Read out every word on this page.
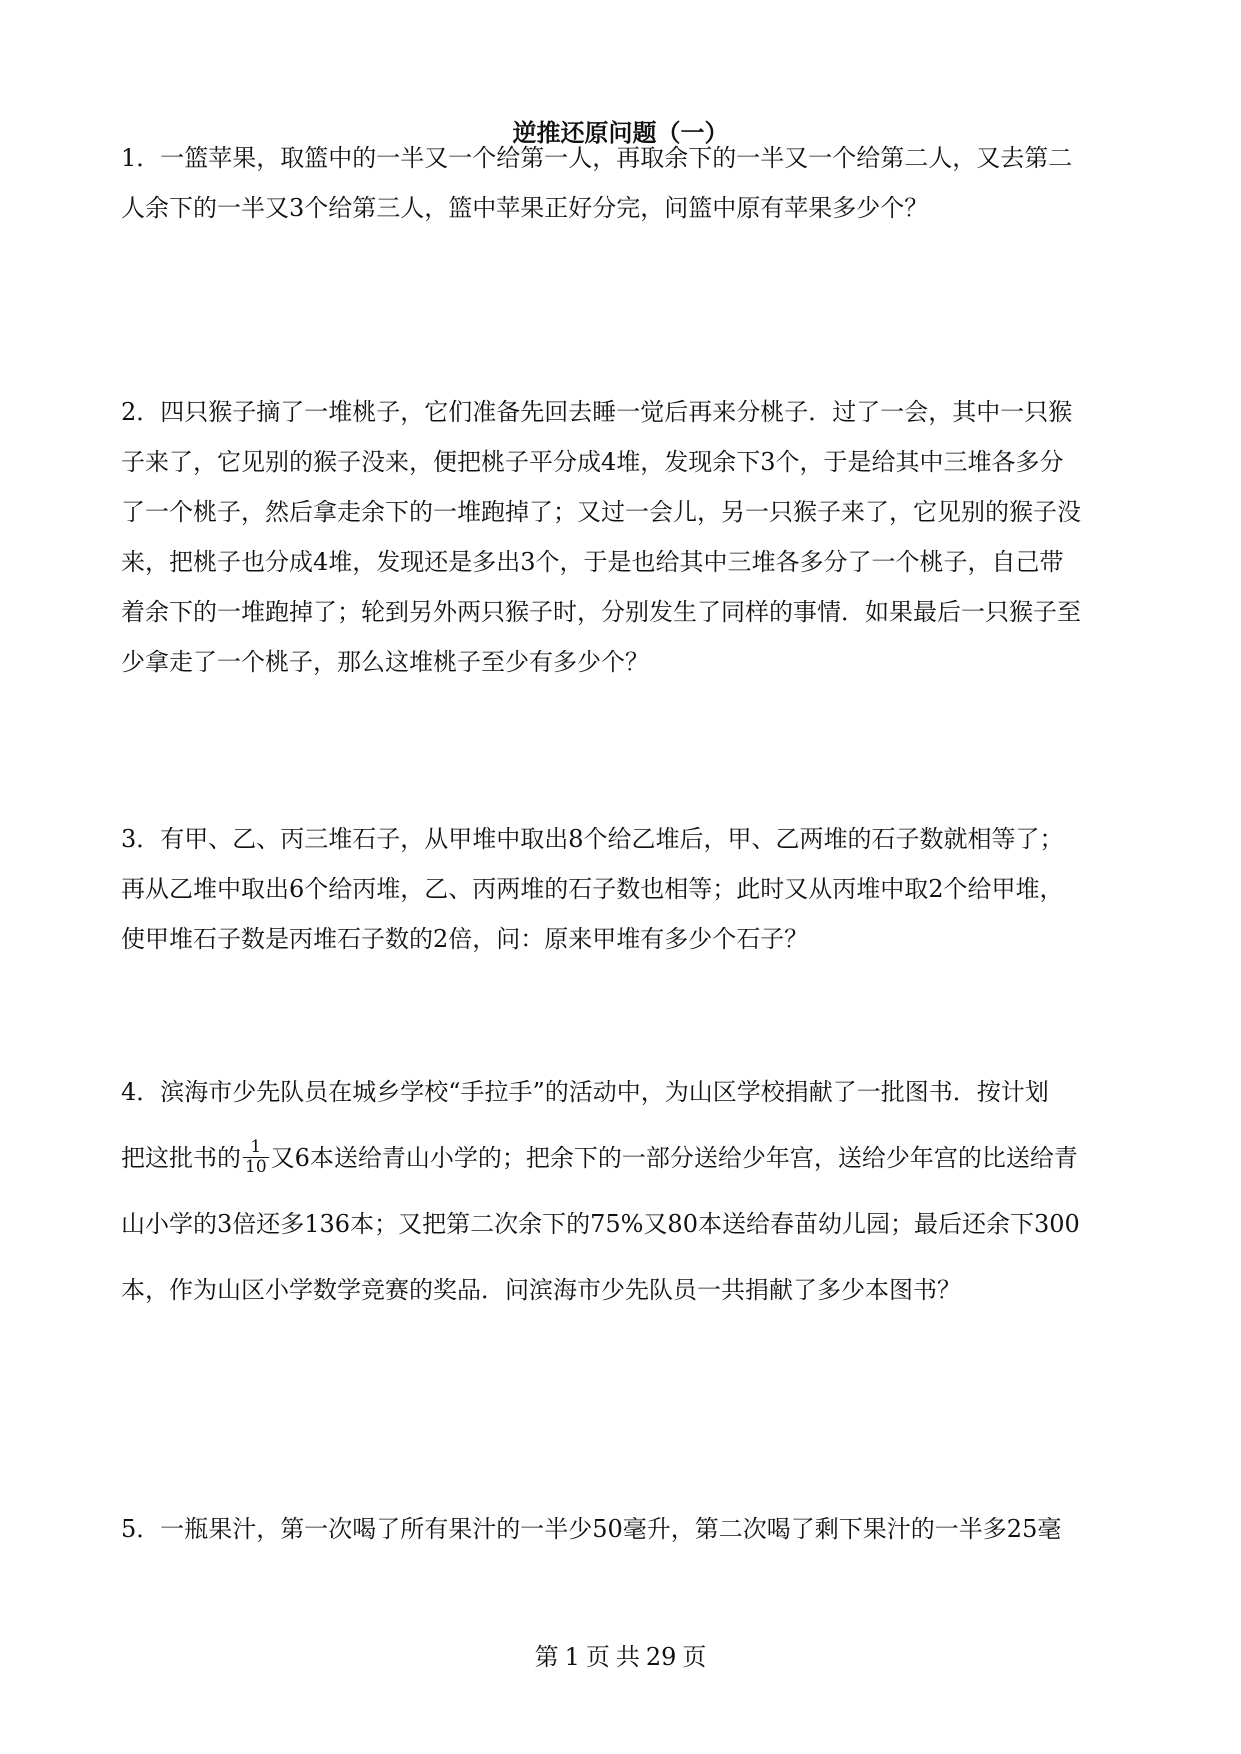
逆推还原问题（一）
1．一篮苹果，取篮中的一半又一个给第一人，再取余下的一半又一个给第二人，又去第二
人余下的一半又3个给第三人，篮中苹果正好分完，问篮中原有苹果多少个？
2．四只猴子摘了一堆桃子，它们准备先回去睡一觉后再来分桃子．过了一会，其中一只猴
子来了，它见别的猴子没来，便把桃子平分成4堆，发现余下3个，于是给其中三堆各多分
了一个桃子，然后拿走余下的一堆跑掉了；又过一会儿，另一只猴子来了，它见别的猴子没
来，把桃子也分成4堆，发现还是多出3个，于是也给其中三堆各多分了一个桃子，自己带
着余下的一堆跑掉了；轮到另外两只猴子时，分别发生了同样的事情．如果最后一只猴子至
少拿走了一个桃子，那么这堆桃子至少有多少个？
3．有甲、乙、丙三堆石子，从甲堆中取出8个给乙堆后，甲、乙两堆的石子数就相等了；
再从乙堆中取出6个给丙堆，乙、丙两堆的石子数也相等；此时又从丙堆中取2个给甲堆，
使甲堆石子数是丙堆石子数的2倍，问：原来甲堆有多少个石子？
4．滨海市少先队员在城乡学校“手拉手”的活动中，为山区学校捐献了一批图书．按计划
把这批书的 $\frac{1}{10}$ 又6本送给青山小学的；把余下的一部分送给少年宫，送给少年宫的比送给青
山小学的3倍还多136本；又把第二次余下的75%又80本送给春苗幼儿园；最后还余下300
本，作为山区小学数学竞赛的奖品．问滨海市少先队员一共捐献了多少本图书？
5．一瓶果汁，第一次喝了所有果汁的一半少50毫升，第二次喝了剩下果汁的一半多25毫
第 1 页 共 29 页
